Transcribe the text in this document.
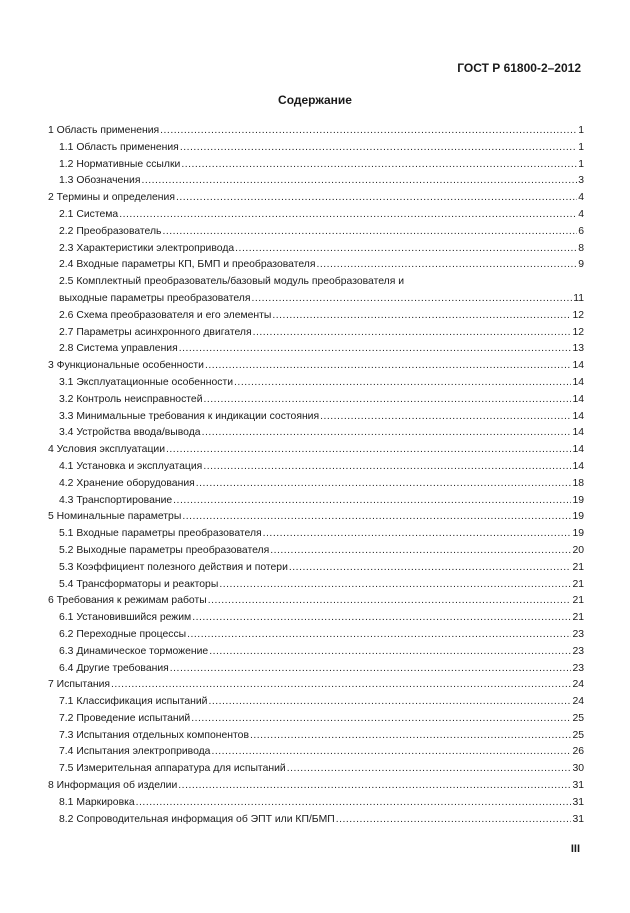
ГОСТ Р 61800-2–2012
Содержание
1 Область применения .....	1
1.1 Область применения .....	1
1.2 Нормативные ссылки .....	1
1.3 Обозначения .....	3
2 Термины и определения .....	4
2.1 Система .....	4
2.2 Преобразователь .....	6
2.3 Характеристики электропривода .....	8
2.4 Входные параметры КП, БМП и преобразователя .....	9
2.5 Комплектный преобразователь/базовый модуль преобразователя и
выходные параметры преобразователя .....	11
2.6 Схема преобразователя и его элементы .....	12
2.7 Параметры асинхронного двигателя .....	12
2.8 Система управления .....	13
3 Функциональные особенности .....	14
3.1 Эксплуатационные особенности .....	14
3.2 Контроль неисправностей .....	14
3.3 Минимальные требования к индикации состояния .....	14
3.4 Устройства ввода/вывода .....	14
4 Условия эксплуатации .....	14
4.1 Установка и эксплуатация .....	14
4.2 Хранение оборудования .....	18
4.3 Транспортирование .....	19
5 Номинальные параметры .....	19
5.1 Входные параметры преобразователя .....	19
5.2 Выходные параметры преобразователя .....	20
5.3 Коэффициент полезного действия и потери .....	21
5.4 Трансформаторы и реакторы .....	21
6 Требования к режимам работы .....	21
6.1 Установившийся режим .....	21
6.2 Переходные процессы .....	23
6.3 Динамическое торможение .....	23
6.4 Другие требования .....	23
7 Испытания .....	24
7.1 Классификация испытаний .....	24
7.2 Проведение испытаний .....	25
7.3 Испытания отдельных компонентов .....	25
7.4 Испытания электропривода .....	26
7.5 Измерительная аппаратура для испытаний .....	30
8 Информация об изделии .....	31
8.1 Маркировка .....	31
8.2 Сопроводительная информация об ЭПТ или КП/БМП .....	31
III
